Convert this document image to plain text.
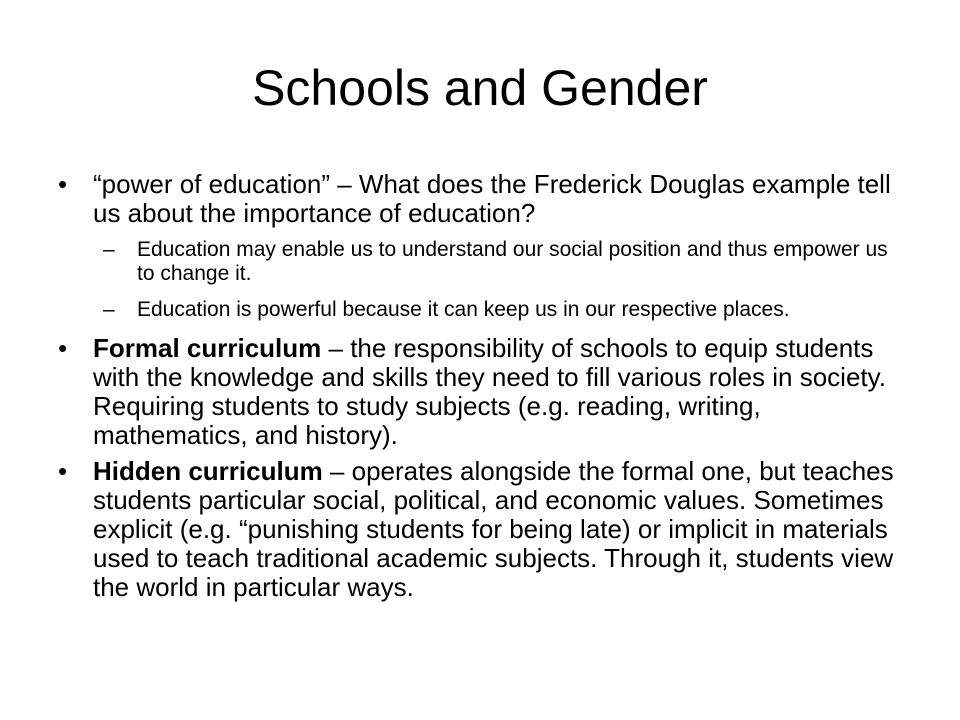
Schools and Gender
• “power of education” – What does the Frederick Douglas example tell us about the importance of education?
– Education may enable us to understand our social position and thus empower us to change it.
– Education is powerful because it can keep us in our respective places.
• Formal curriculum – the responsibility of schools to equip students with the knowledge and skills they need to fill various roles in society. Requiring students to study subjects (e.g. reading, writing, mathematics, and history).
• Hidden curriculum – operates alongside the formal one, but teaches students particular social, political, and economic values. Sometimes explicit (e.g. “punishing students for being late) or implicit in materials used to teach traditional academic subjects. Through it, students view the world in particular ways.
